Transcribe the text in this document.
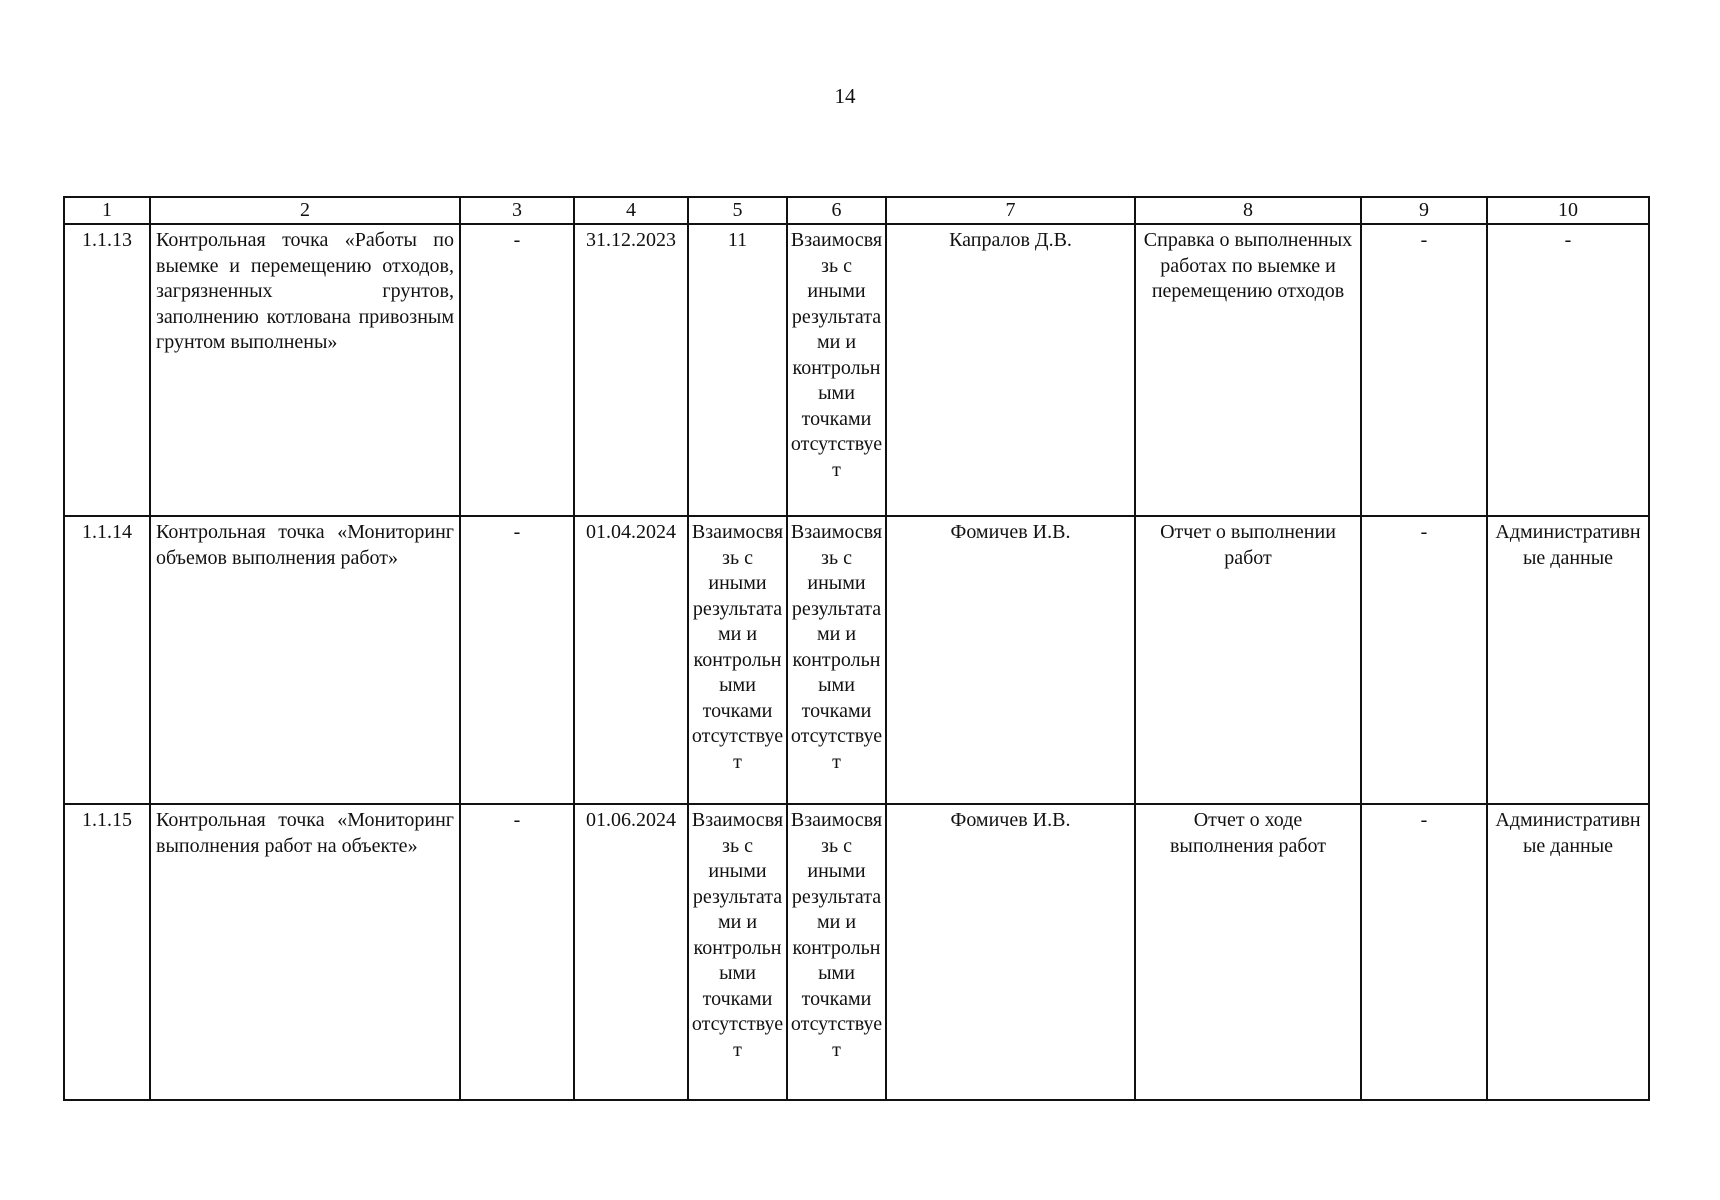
14
1	2	3	4	5	6	7	8	9	10
1.1.13	Контрольная точка «Работы по выемке и перемещению отходов, загрязненных грунтов, заполнению котлована привозным грунтом выполнены»	-	31.12.2023	11	Взаимосвязь с иными результатами и контрольными точками отсутствует	Капралов Д.В.	Справка о выполненных работах по выемке и перемещению отходов	-	-
1.1.14	Контрольная точка «Мониторинг объемов выполнения работ»	-	01.04.2024	Взаимосвязь с иными результатами и контрольными точками отсутствует	Взаимосвязь с иными результатами и контрольными точками отсутствует	Фомичев И.В.	Отчет о выполнении работ	-	Административные данные
1.1.15	Контрольная точка «Мониторинг выполнения работ на объекте»	-	01.06.2024	Взаимосвязь с иными результатами и контрольными точками отсутствует	Взаимосвязь с иными результатами и контрольными точками отсутствует	Фомичев И.В.	Отчет о ходе выполнения работ	-	Административные данные
